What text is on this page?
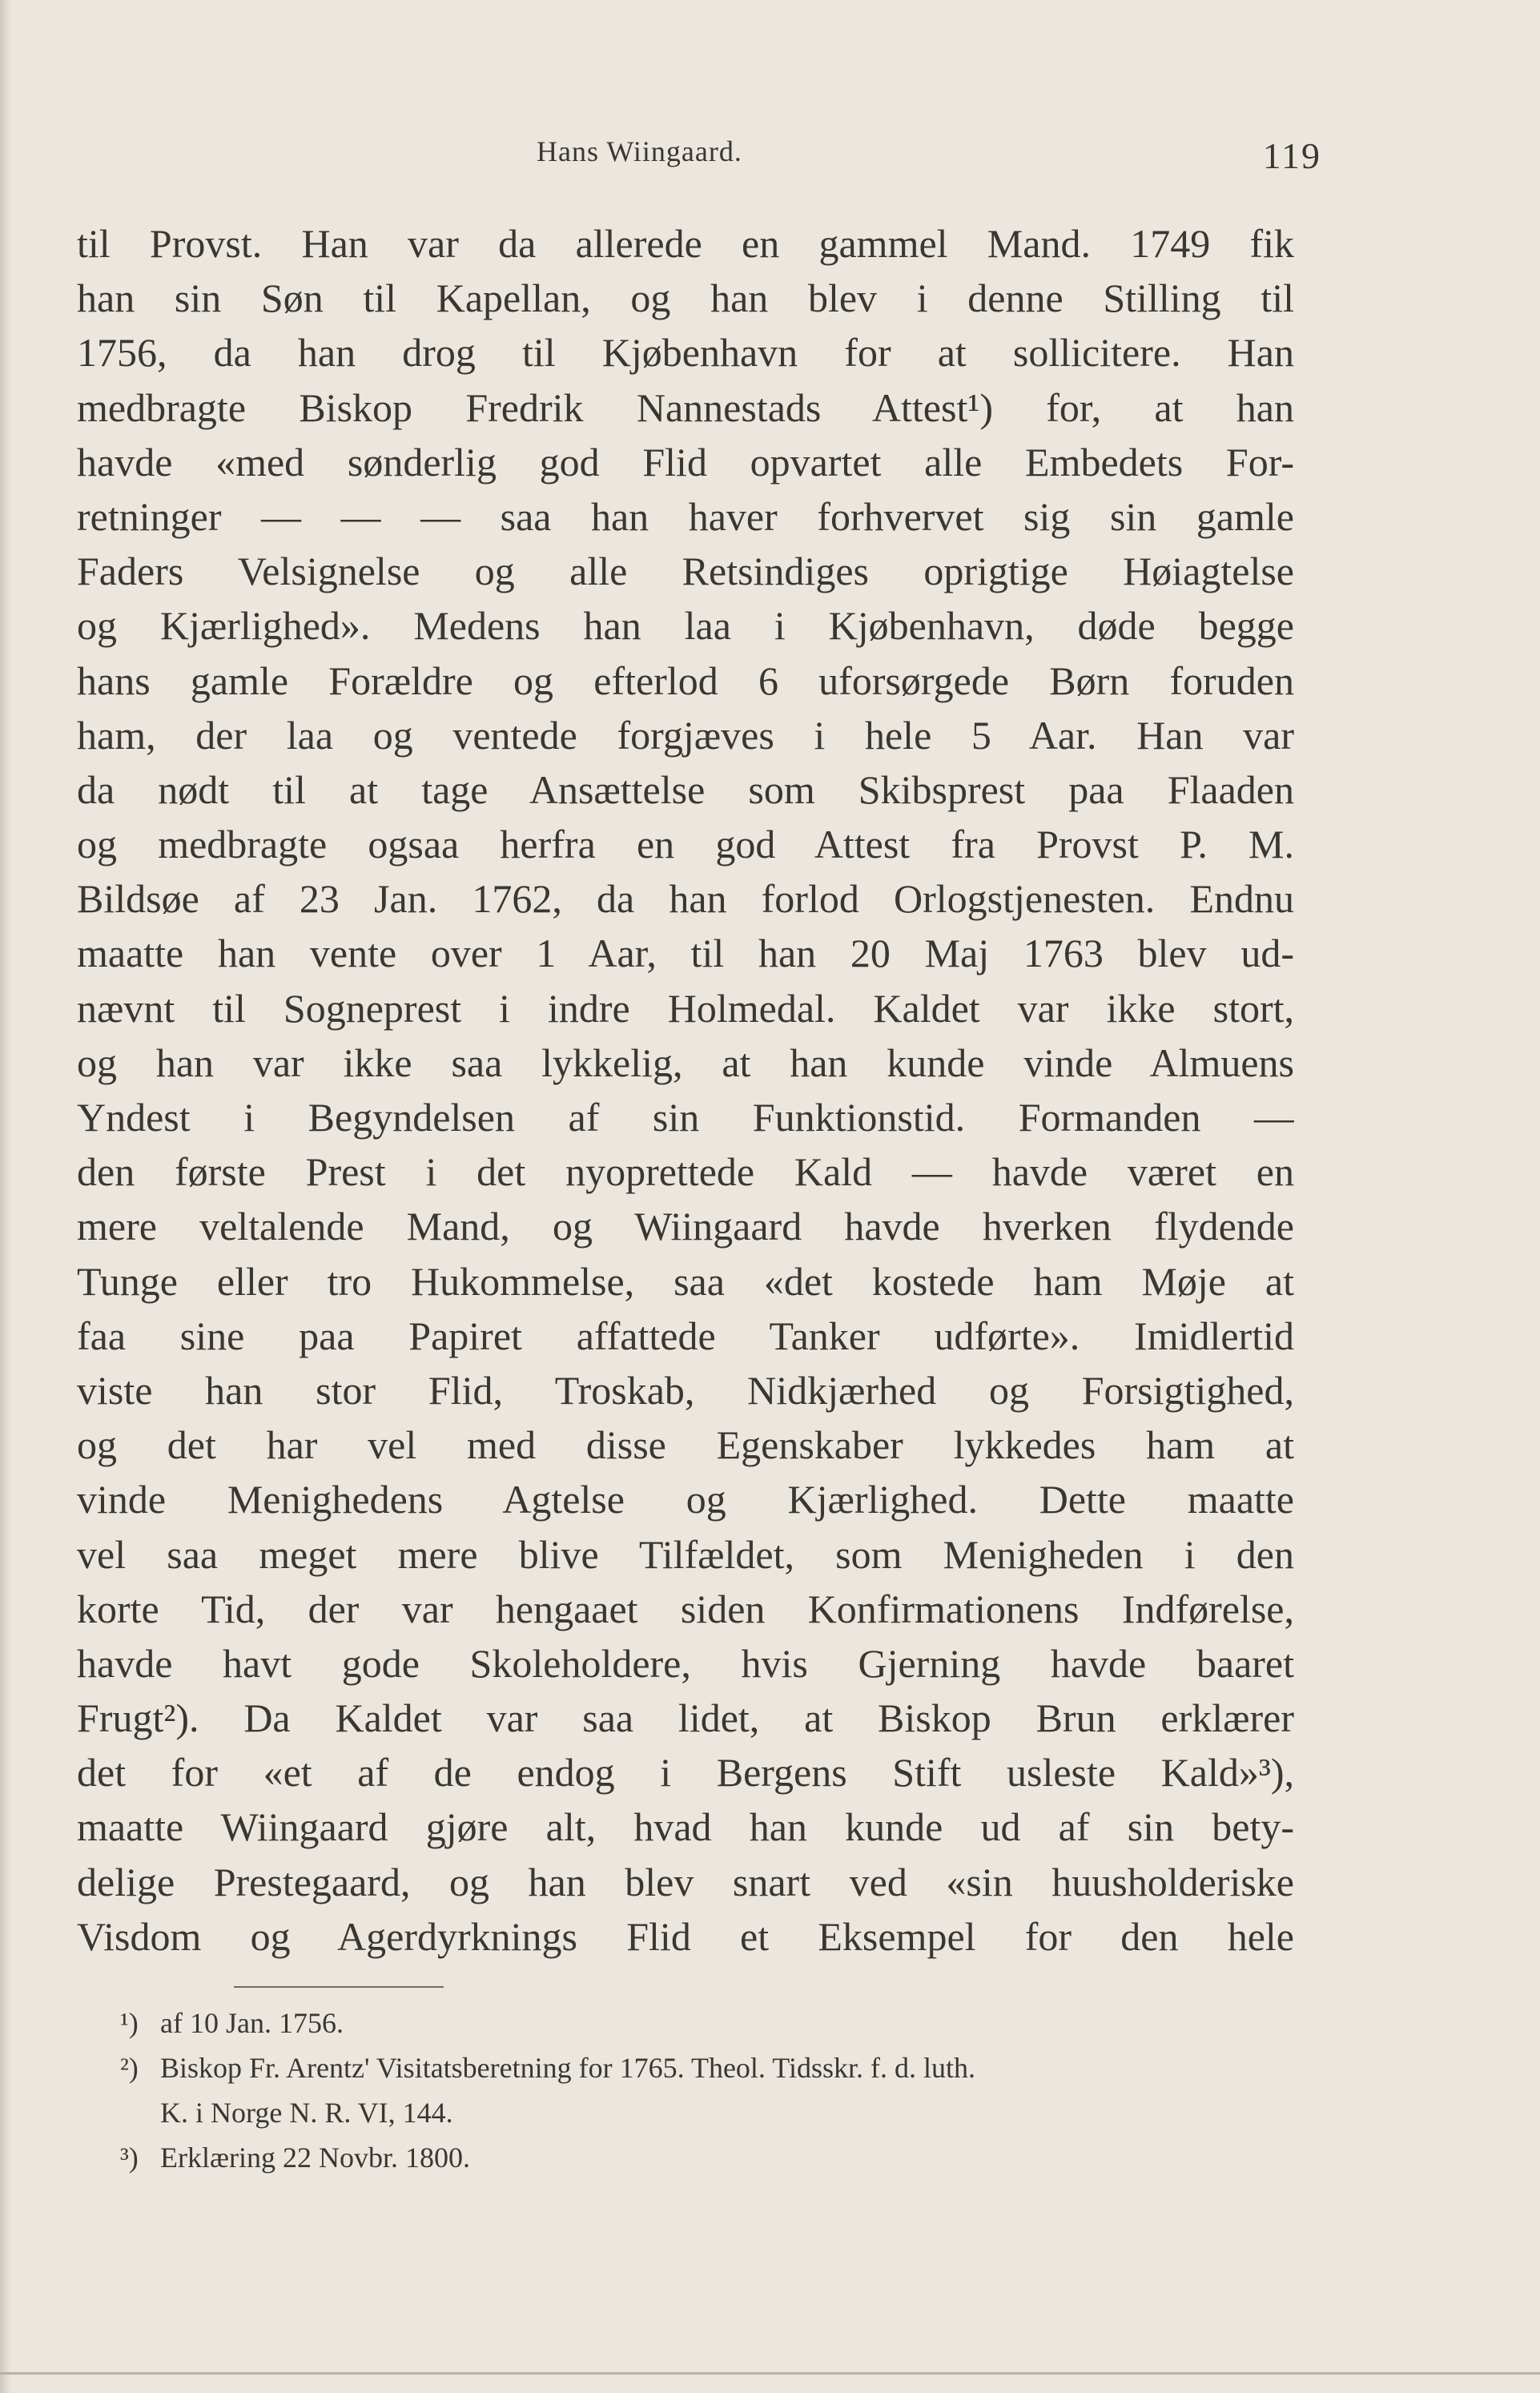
Hans Wiingaard.	119
til Provst. Han var da allerede en gammel Mand. 1749 fik
han sin Søn til Kapellan, og han blev i denne Stilling til
1756, da han drog til Kjøbenhavn for at sollicitere. Han
medbragte Biskop Fredrik Nannestads Attest¹) for, at han
havde «med sønderlig god Flid opvartet alle Embedets For-
retninger — — — saa han haver forhvervet sig sin gamle
Faders Velsignelse og alle Retsindiges oprigtige Høiagtelse
og Kjærlighed». Medens han laa i Kjøbenhavn, døde begge
hans gamle Forældre og efterlod 6 uforsørgede Børn foruden
ham, der laa og ventede forgjæves i hele 5 Aar. Han var
da nødt til at tage Ansættelse som Skibsprest paa Flaaden
og medbragte ogsaa herfra en god Attest fra Provst P. M.
Bildsøe af 23 Jan. 1762, da han forlod Orlogstjenesten. Endnu
maatte han vente over 1 Aar, til han 20 Maj 1763 blev ud-
nævnt til Sogneprest i indre Holmedal. Kaldet var ikke stort,
og han var ikke saa lykkelig, at han kunde vinde Almuens
Yndest i Begyndelsen af sin Funktionstid. Formanden —
den første Prest i det nyoprettede Kald — havde været en
mere veltalende Mand, og Wiingaard havde hverken flydende
Tunge eller tro Hukommelse, saa «det kostede ham Møje at
faa sine paa Papiret affattede Tanker udførte». Imidlertid
viste han stor Flid, Troskab, Nidkjærhed og Forsigtighed,
og det har vel med disse Egenskaber lykkedes ham at
vinde Menighedens Agtelse og Kjærlighed. Dette maatte
vel saa meget mere blive Tilfældet, som Menigheden i den
korte Tid, der var hengaaet siden Konfirmationens Indførelse,
havde havt gode Skoleholdere, hvis Gjerning havde baaret
Frugt²). Da Kaldet var saa lidet, at Biskop Brun erklærer
det for «et af de endog i Bergens Stift usleste Kald»³),
maatte Wiingaard gjøre alt, hvad han kunde ud af sin bety-
delige Prestegaard, og han blev snart ved «sin huusholderiske
Visdom og Agerdyrknings Flid et Eksempel for den hele
¹) af 10 Jan. 1756.
²) Biskop Fr. Arentz' Visitatsberetning for 1765. Theol. Tidsskr. f. d. luth.
K. i Norge N. R. VI, 144.
³) Erklæring 22 Novbr. 1800.
